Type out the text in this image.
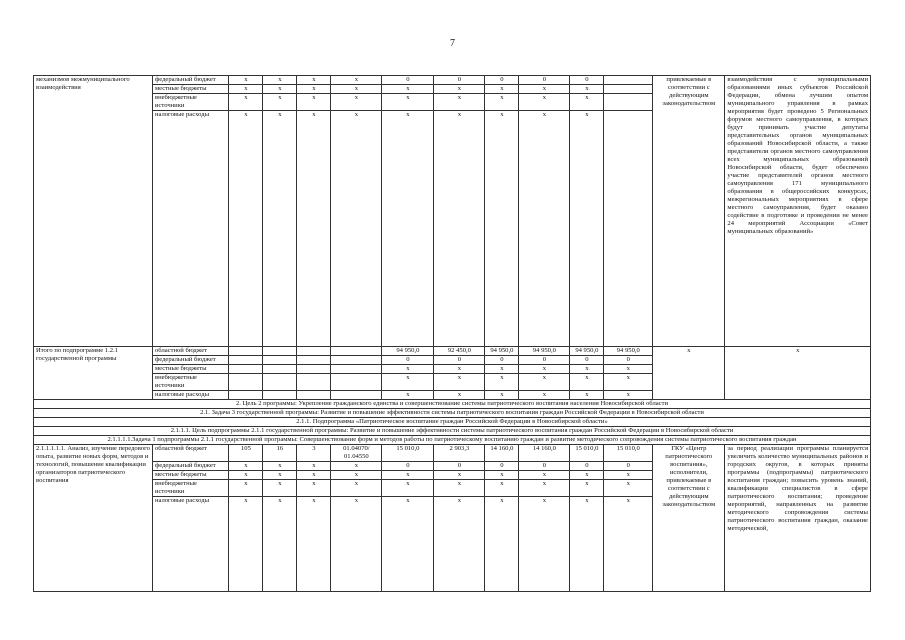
7
механизмов межмуниципального взаимодействия	федеральный бюджет	x	x	x	x	0	0	0	0	0		привлекаемые в соответствии с действующим законодательством	взаимодействия с муниципальными образованиями иных субъектов Российской Федерации, обмена лучшим опытом муниципального управления в рамках мероприятия будет проведено 5 Региональных форумов местного самоуправления, в которых будут принимать участие депутаты представительных органов муниципальных образований Новосибирской области, а также представители органов местного самоуправления всех муниципальных образований Новосибирской области, будет обеспечено участие представителей органов местного самоуправления 171 муниципального образования в общероссийских конкурсах, межрегиональных мероприятиях в сфере местного самоуправления, будет оказано содействие в подготовке и проведении не менее 24 мероприятий Ассоциации «Совет муниципальных образований»
	местные бюджеты	x	x	x	x	x	x	x	x	x			
	внебюджетные источники	x	x	x	x	x	x	x	x	x			
	налоговые расходы	x	x	x	x	x	x	x	x	x			
Итого по подпрограмме 1.2.1 государственной программы	областной бюджет					94 950,0	92 450,0	94 950,0	94 950,0	94 950,0	94 950,0	x	x
	федеральный бюджет					0	0	0	0	0	0		
	местные бюджеты					x	x	x	x	x	x		
	внебюджетные источники					x	x	x	x	x	x		
	налоговые расходы					x	x	x	x	x	x		
2. Цель 2 программы: Укрепление гражданского единства и совершенствование системы патриотического воспитания населения Новосибирской области													
2.1. Задача 3 государственной программы: Развитие и повышение эффективности системы патриотического воспитания граждан Российской Федерации в Новосибирской области													
2.1.1. Подпрограмма «Патриотическое воспитание граждан Российской Федерации в Новосибирской области»													
2.1.1.1. Цель подпрограммы 2.1.1 государственной программы: Развитие и повышение эффективности системы патриотического воспитания граждан Российской Федерации в Новосибирской области													
2.1.1.1.1.Задача 1 подпрограммы 2.1.1 государственной программы: Совершенствование форм и методов работы по патриотическому воспитанию граждан и развитие методического сопровождения системы патриотического воспитания граждан													
2.1.1.1.1.1. Анализ, изучение передового опыта, развитие новых форм, методов и технологий, повышение квалификации организаторов патриотического воспитания	областной бюджет	105	16	3	01.04070/ 01.04550	15 010,0	2 903,3	14 160,0	14 160,0	15 010,0	15 010,0	ГКУ «Центр патриотического воспитания», исполнители, привлекаемые в соответствии с действующим законодательством	за период реализации программы планируется увеличить количество муниципальных районов и городских округов, в которых приняты программы (подпрограммы) патриотического воспитания граждан; повысить уровень знаний, квалификации специалистов в сфере патриотического воспитания; проведение мероприятий, направленных на развитие методического сопровождения системы патриотического воспитания граждан, оказание методической,
	федеральный бюджет	x	x	x	x	0	0	0	0	0	0		
	местные бюджеты	x	x	x	x	x	x	x	x	x	x		
	внебюджетные источники	x	x	x	x	x	x	x	x	x	x		
	налоговые расходы	x	x	x	x	x	x	x	x	x	x		
